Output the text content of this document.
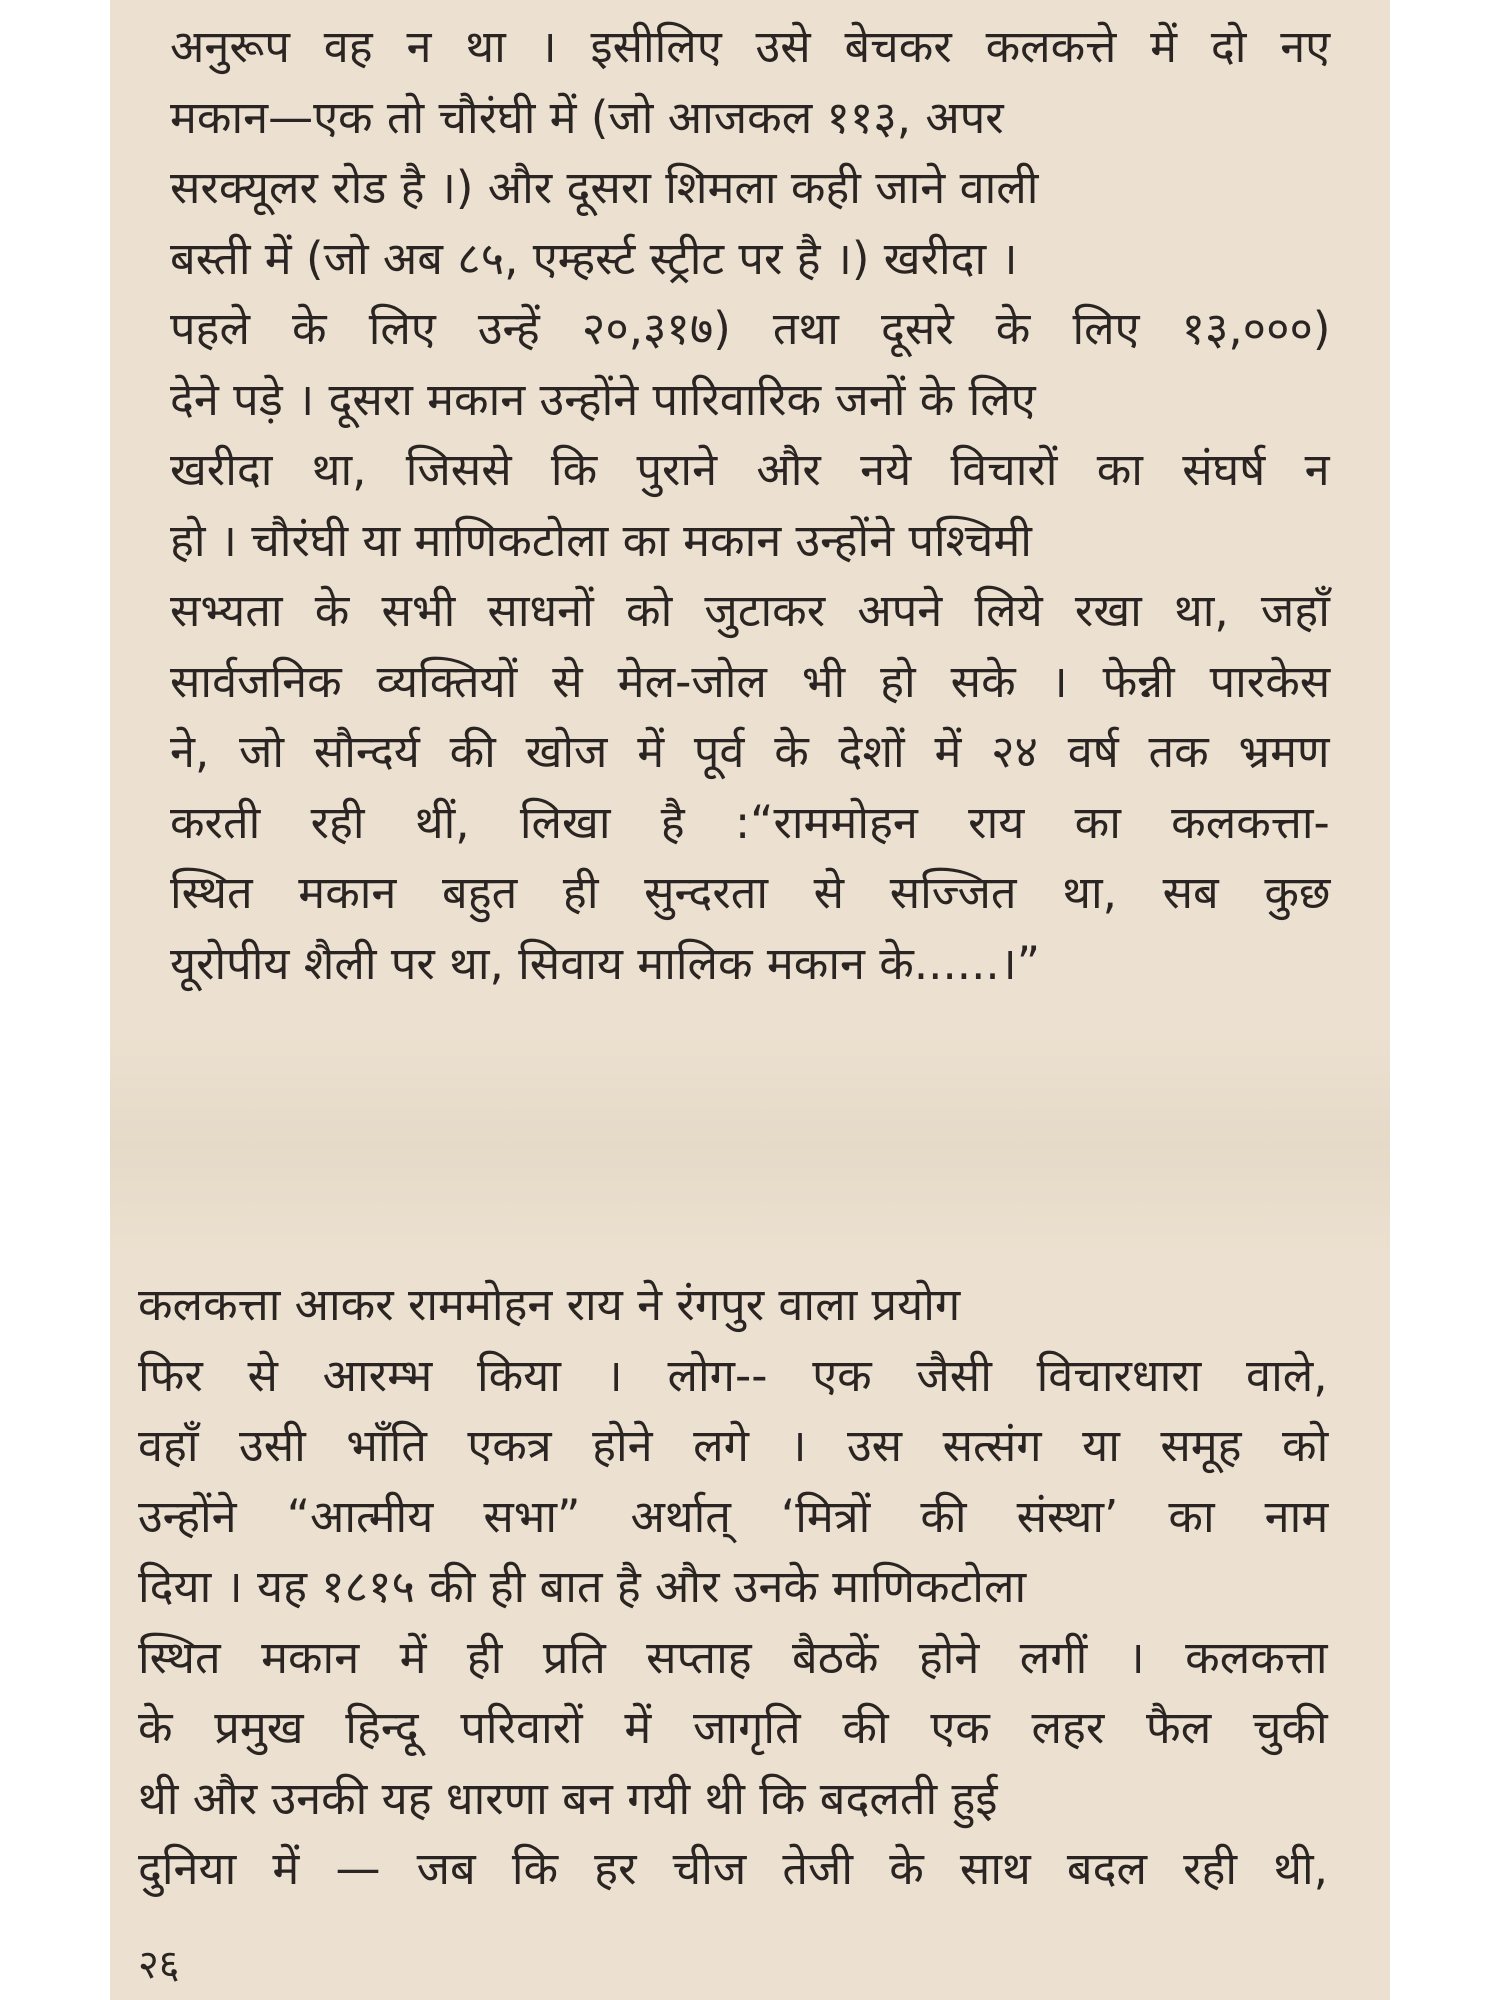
अनुरूप वह न था । इसीलिए उसे बेचकर कलकत्ते में दो नए
मकान—एक तो चौरंघी में (जो आजकल ११३, अपर
सरक्यूलर रोड है ।) और दूसरा शिमला कही जाने वाली
बस्ती में (जो अब ८५, एम्हर्स्ट स्ट्रीट पर है ।) खरीदा ।
पहले के लिए उन्हें २०,३१७) तथा दूसरे के लिए १३,०००)
देने पड़े । दूसरा मकान उन्होंने पारिवारिक जनों के लिए
खरीदा था, जिससे कि पुराने और नये विचारों का संघर्ष न
हो । चौरंघी या माणिकटोला का मकान उन्होंने पश्चिमी
सभ्यता के सभी साधनों को जुटाकर अपने लिये रखा था, जहाँ
सार्वजनिक व्यक्तियों से मेल-जोल भी हो सके । फेन्नी पारकेस
ने, जो सौन्दर्य की खोज में पूर्व के देशों में २४ वर्ष तक भ्रमण
करती रही थीं, लिखा है :“राममोहन राय का कलकत्ता-
स्थित मकान बहुत ही सुन्दरता से सज्जित था, सब कुछ
यूरोपीय शैली पर था, सिवाय मालिक मकान के......।”
कलकत्ता आकर राममोहन राय ने रंगपुर वाला प्रयोग
फिर से आरम्भ किया । लोग-- एक जैसी विचारधारा वाले,
वहाँ उसी भाँति एकत्र होने लगे । उस सत्संग या समूह को
उन्होंने “आत्मीय सभा” अर्थात् ‘मित्रों की संस्था’ का नाम
दिया । यह १८१५ की ही बात है और उनके माणिकटोला
स्थित मकान में ही प्रति सप्ताह बैठकें होने लगीं । कलकत्ता
के प्रमुख हिन्दू परिवारों में जागृति की एक लहर फैल चुकी
थी और उनकी यह धारणा बन गयी थी कि बदलती हुई
दुनिया में — जब कि हर चीज तेजी के साथ बदल रही थी,
२६
